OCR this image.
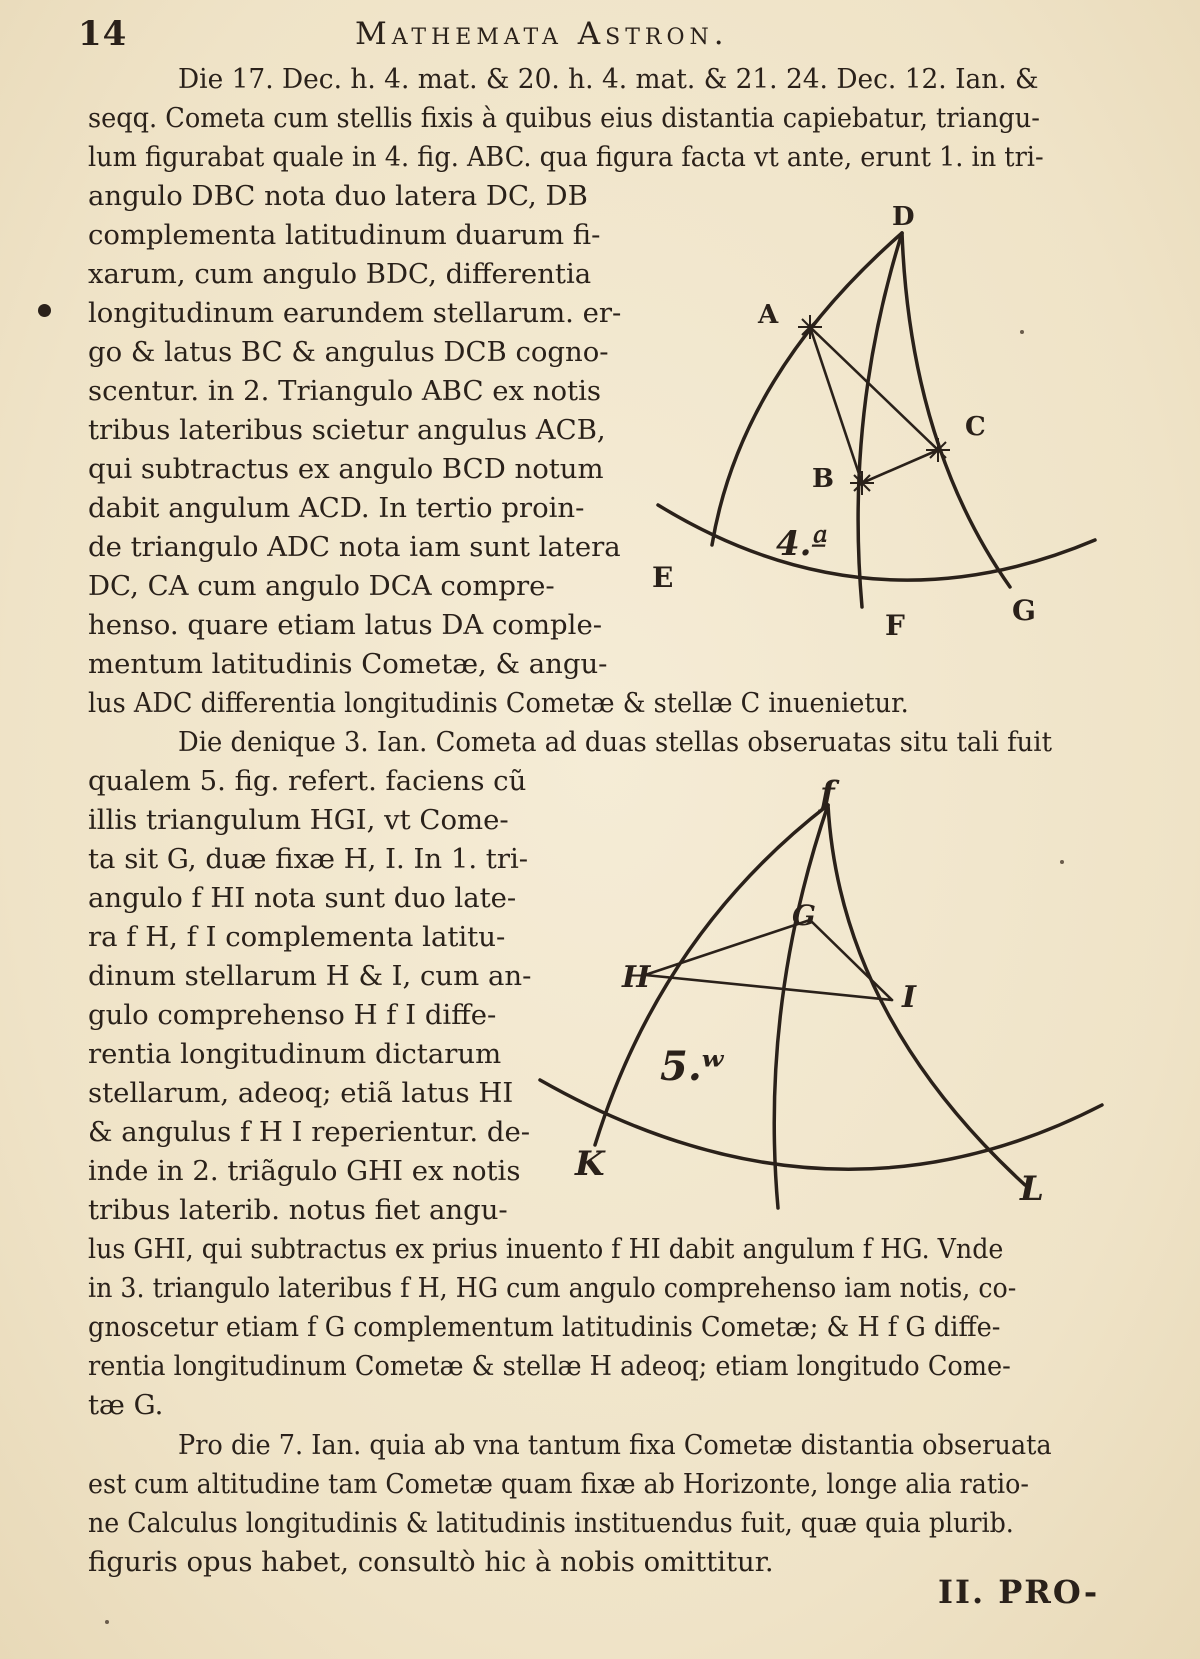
14	Mathemata Astron.
Die 17. Dec. h. 4. mat. & 20. h. 4. mat. & 21. 24. Dec. 12. Ian. &
seqq. Cometa cum stellis fixis à quibus eius distantia capiebatur, triangu-
lum figurabat quale in 4. fig. ABC. qua figura facta vt ante, erunt 1. in tri-
angulo DBC nota duo latera DC, DB
complementa latitudinum duarum fi-
xarum, cum angulo BDC, differentia
longitudinum earundem stellarum. er-
go & latus BC & angulus DCB cogno-
scentur. in 2. Triangulo ABC ex notis
tribus lateribus scietur angulus ACB,
qui subtractus ex angulo BCD notum
dabit angulum ACD. In tertio proin-
de triangulo ADC nota iam sunt latera
DC, CA cum angulo DCA compre-
henso. quare etiam latus DA comple-
mentum latitudinis Cometæ, & angu-
lus ADC differentia longitudinis Cometæ & stellæ C inuenietur.
D
A
B
C
E
F	G
4.ª
Die denique 3. Ian. Cometa ad duas stellas obseruatas situ tali fuit
qualem 5. fig. refert. faciens cũ
illis triangulum HGI, vt Come-
ta sit G, duæ fixæ H, I. In 1. tri-
angulo f HI nota sunt duo late-
ra f H, f I complementa latitu-
dinum stellarum H & I, cum an-
gulo comprehenso H f I diffe-
rentia longitudinum dictarum
stellarum, adeoq; etiã latus HI
& angulus f H I reperientur. de-
inde in 2. triãgulo GHI ex notis
tribus laterib. notus fiet angu-
lus GHI, qui subtractus ex prius inuento f HI dabit angulum f HG. Vnde
in 3. triangulo lateribus f H, HG cum angulo comprehenso iam notis, co-
gnoscetur etiam f G complementum latitudinis Cometæ; & H f G diffe-
rentia longitudinum Cometæ & stellæ H adeoq; etiam longitudo Come-
tæ G.
f
G
H
I
K
L
5.ʷ
Pro die 7. Ian. quia ab vna tantum fixa Cometæ distantia obseruata
est cum altitudine tam Cometæ quam fixæ ab Horizonte, longe alia ratio-
ne Calculus longitudinis & latitudinis instituendus fuit, quæ quia plurib.
figuris opus habet, consultò hic à nobis omittitur.
II. PRO-
